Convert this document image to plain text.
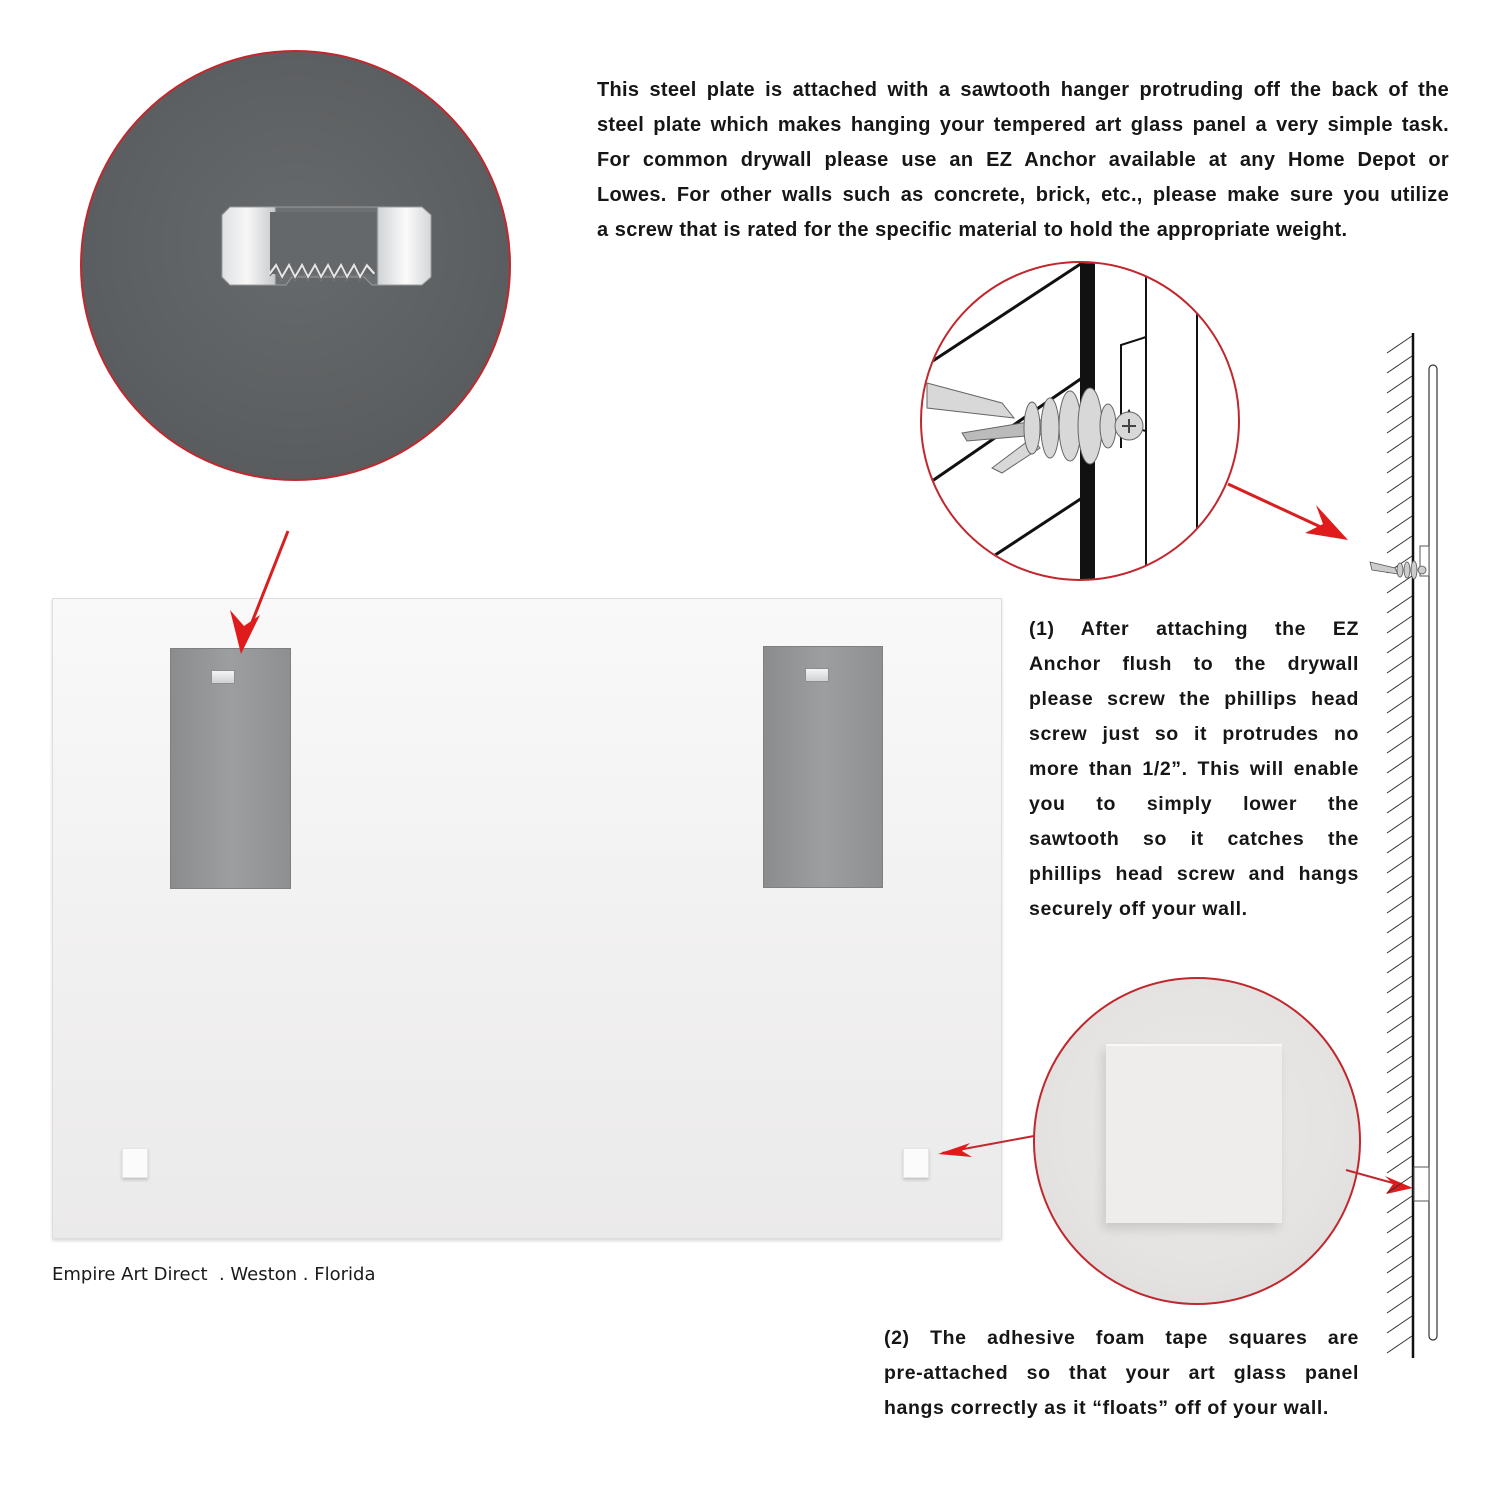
This steel plate is attached with a sawtooth hanger protruding off the back of the
steel plate which makes hanging your tempered art glass panel a very simple task.
For common drywall please use an EZ Anchor available at any Home Depot or
Lowes. For other walls such as concrete, brick, etc., please make sure you utilize
a screw that is rated for the specific material to hold the appropriate weight.
(1) After attaching the EZ
Anchor flush to the drywall
please screw the phillips head
screw just so it protrudes no
more than 1/2”. This will enable
you to simply lower the
sawtooth so it catches the
phillips head screw and hangs
securely off your wall.
(2) The adhesive foam tape squares are
pre-attached so that your art glass panel
hangs correctly as it “floats” off of your wall.
Empire Art Direct  . Weston . Florida
